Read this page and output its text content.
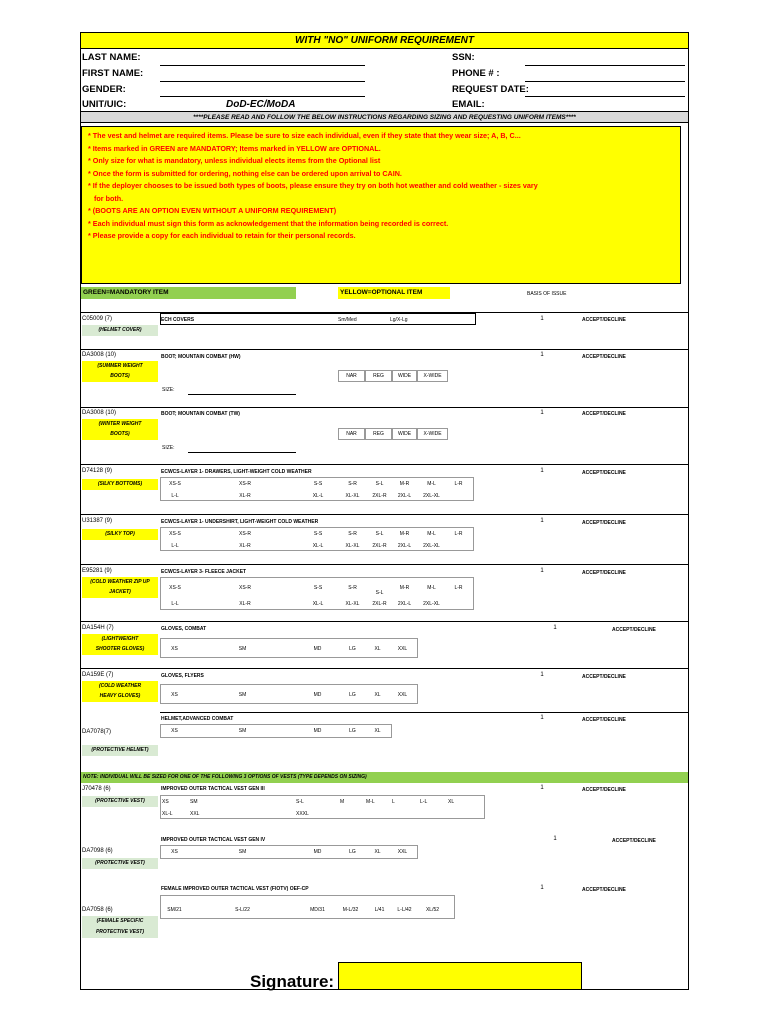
WITH "NO" UNIFORM REQUIREMENT
LAST NAME:
FIRST NAME:
GENDER:
UNIT/UIC:	DoD-EC/MoDA
SSN:
PHONE # :
REQUEST DATE:
EMAIL:
****PLEASE READ AND FOLLOW THE BELOW INSTRUCTIONS REGARDING SIZING AND REQUESTING UNIFORM ITEMS****
* The vest and helmet are required items. Please be sure to size each individual, even if they state that they wear size; A, B, C...
* Items marked in GREEN are MANDATORY; Items marked in YELLOW are OPTIONAL.
* Only size for what is mandatory, unless individual elects items from the Optional list
* Once the form is submitted for ordering, nothing else can be ordered upon arrival to CAIN.
* If the deployer chooses to be issued both types of boots, please ensure they try on both hot weather and cold weather - sizes vary
for both.
* (BOOTS ARE AN OPTION EVEN WITHOUT A UNIFORM REQUIREMENT)
* Each individual must sign this form as acknowledgement that the information being recorded is correct.
* Please provide a copy for each individual to retain for their personal records.
GREEN=MANDATORY ITEM	YELLOW=OPTIONAL ITEM	BASIS OF ISSUE
C05009 (7)
(HELMET COVER)
ECH COVERS	Sm/Med	Lg/X-Lg	1	ACCEPT/DECLINE
DA3008 (10)
(SUMMER WEIGHT
BOOTS)
BOOT; MOUNTAIN COMBAT (HW)	1	ACCEPT/DECLINE
NAR	REG	WIDE	X-WIDE
SIZE:
DA3008 (10)
(WINTER WEIGHT
BOOTS)
BOOT; MOUNTAIN COMBAT (TW)	1	ACCEPT/DECLINE
NAR	REG	WIDE	X-WIDE
SIZE:
D74128 (9)
(SILKY BOTTOMS)
ECWCS-LAYER 1- DRAWERS, LIGHT-WEIGHT COLD WEATHER	1	ACCEPT/DECLINE
XS-S	XS-R	S-S	S-R	S-L	M-R	M-L	L-R
L-L	XL-R	XL-L	XL-XL	2XL-R	2XL-L	2XL-XL
U31387 (9)
(SILKY TOP)
ECWCS-LAYER 1- UNDERSHIRT, LIGHT-WEIGHT COLD WEATHER	1	ACCEPT/DECLINE
XS-S	XS-R	S-S	S-R	S-L	M-R	M-L	L-R
L-L	XL-R	XL-L	XL-XL	2XL-R	2XL-L	2XL-XL
E95281 (9)
(COLD WEATHER ZIP UP
JACKET)
ECWCS-LAYER 3- FLEECE JACKET	1	ACCEPT/DECLINE
XS-S	XS-R	S-S	S-R
S-L
M-R	M-L	L-R
L-L	XL-R	XL-L	XL-XL	2XL-R	2XL-L	2XL-XL
DA154H (7)
(LIGHTWEIGHT
SHOOTER GLOVES)
GLOVES, COMBAT	1	ACCEPT/DECLINE
XS	SM	MD	LG	XL	XXL
DA159E (7)
(COLD WEATHER
HEAVY GLOVES)
GLOVES, FLYERS	1	ACCEPT/DECLINE
XS	SM	MD	LG	XL	XXL
HELMET,ADVANCED COMBAT	1	ACCEPT/DECLINE
XS	SM	MD	LG	XL
DA7078(7)
(PROTECTIVE HELMET)
NOTE: INDIVIDUAL WILL BE SIZED FOR ONE OF THE FOLLOWING 3 OPTIONS OF VESTS (TYPE DEPENDS ON SIZING)
J70478 (6)
(PROTECTIVE VEST)
IMPROVED OUTER TACTICAL VEST GEN III	1	ACCEPT/DECLINE
XS	SM	S-L	M	M-L	L	L-L	XL
XL-L	XXL	XXXL
IMPROVED OUTER TACTICAL VEST GEN IV	1	ACCEPT/DECLINE
XS	SM	MD	LG	XL	XXL
DA7098 (6)
(PROTECTIVE VEST)
FEMALE IMPROVED OUTER TACTICAL VEST (FIOTV) OEF-CP	1	ACCEPT/DECLINE
SM/21	S-L/22	MD/31	M-L/32	L/41	L-L/42	XL/52
DA7058 (6)
(FEMALE SPECIFIC
PROTECTIVE VEST)
Signature:
